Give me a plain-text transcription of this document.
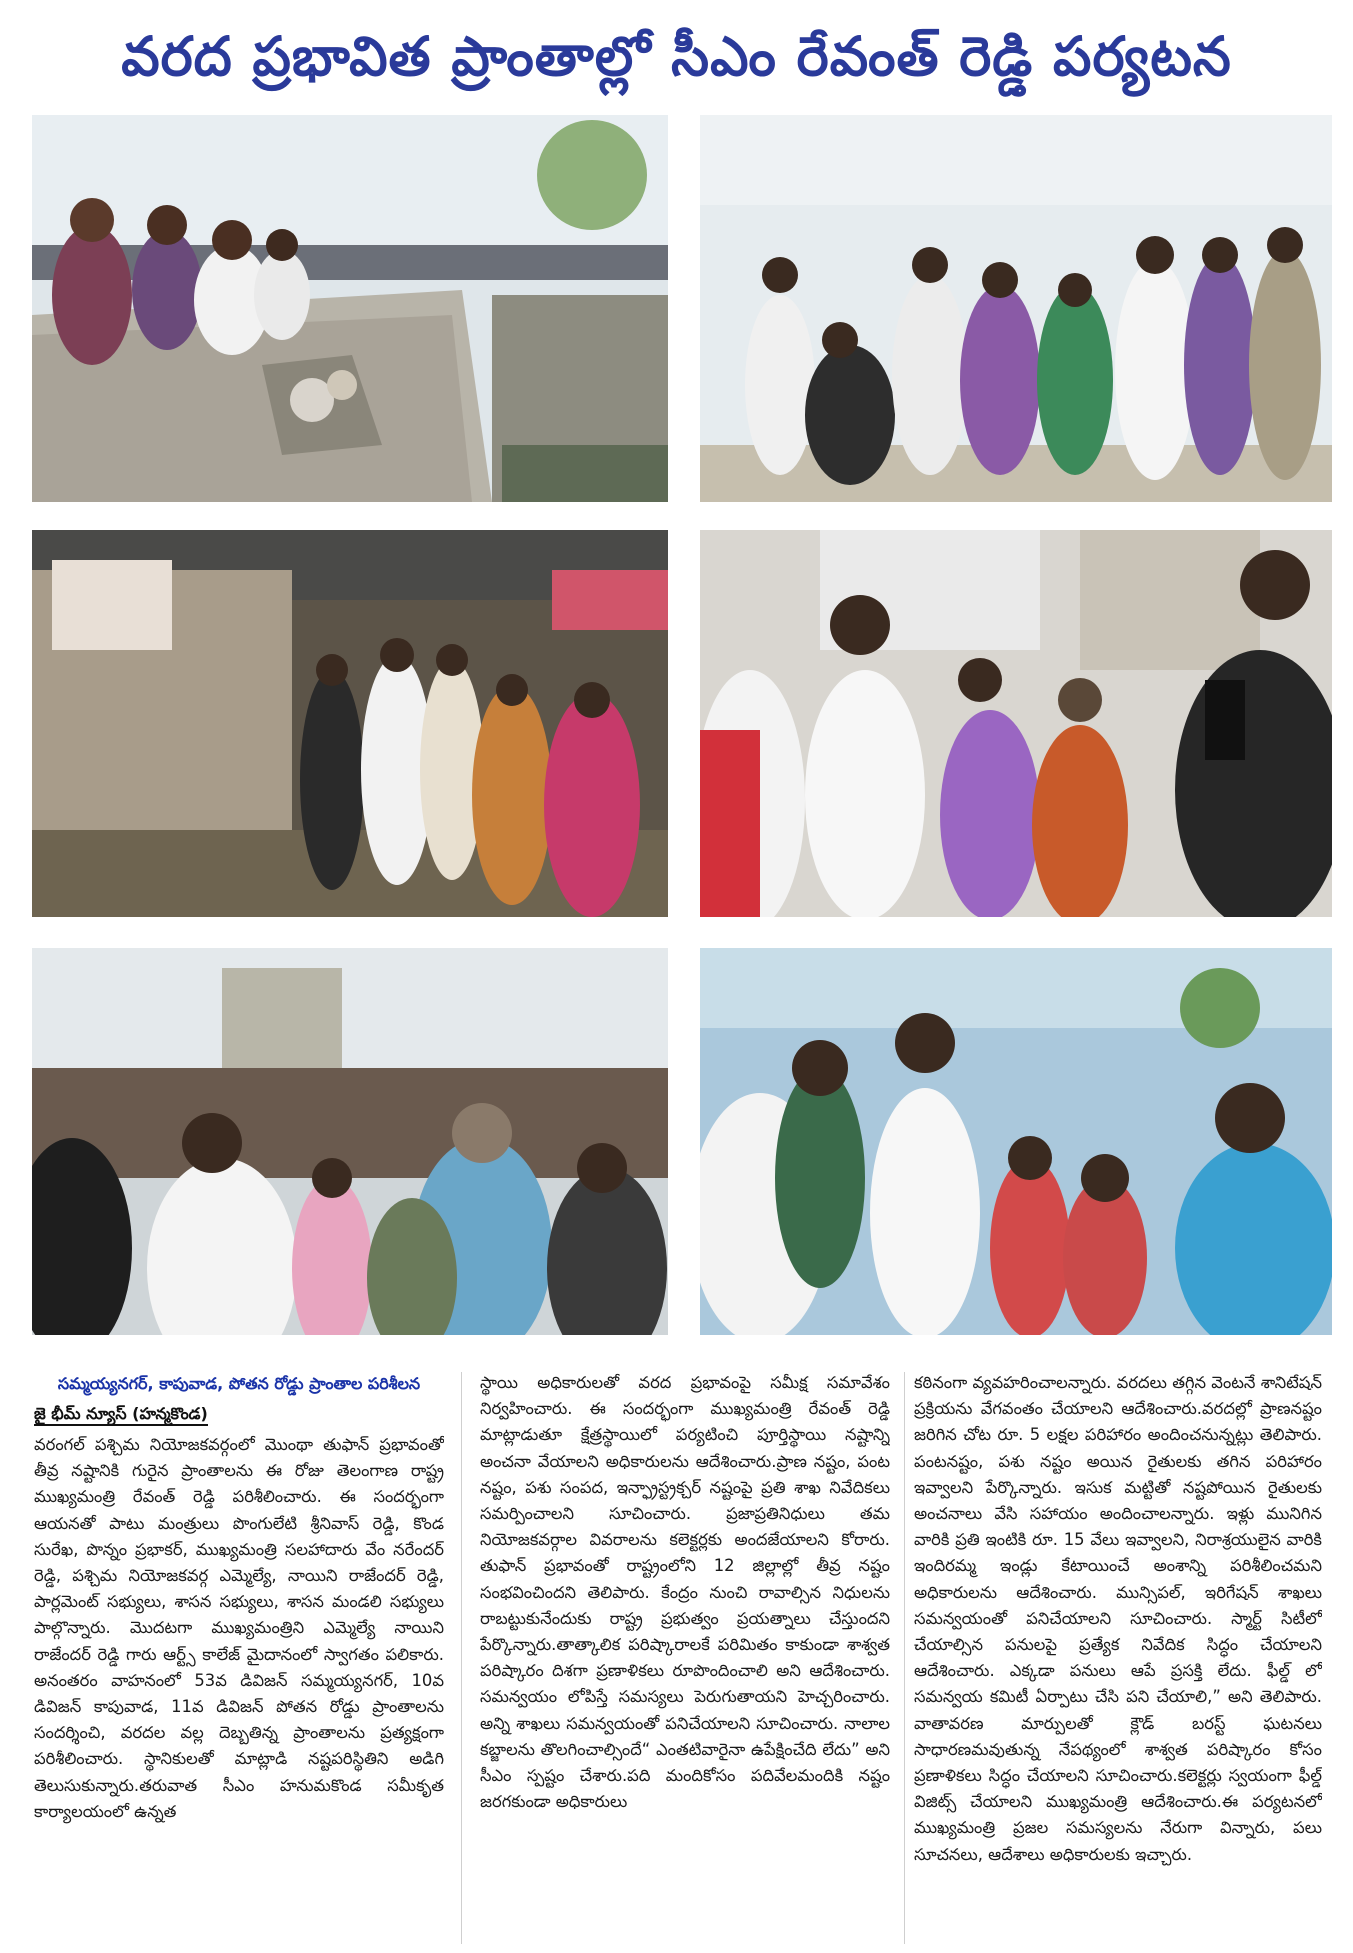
వరద ప్రభావిత ప్రాంతాల్లో సీఎం రేవంత్ రెడ్డి పర్యటన
సమ్మయ్యనగర్, కాపువాడ, పోతన రోడ్డు ప్రాంతాల పరిశీలన
జై భీమ్ న్యూస్ (హన్మకొండ)

వరంగల్ పశ్చిమ నియోజకవర్గంలో మొంథా తుఫాన్ ప్రభావంతో తీవ్ర నష్టానికి గురైన ప్రాంతాలను ఈ రోజు తెలంగాణ రాష్ట్ర ముఖ్యమంత్రి రేవంత్ రెడ్డి పరిశీలించారు. ఈ సందర్భంగా ఆయనతో పాటు మంత్రులు పొంగులేటి శ్రీనివాస్ రెడ్డి, కొండ సురేఖ, పొన్నం ప్రభాకర్, ముఖ్యమంత్రి సలహాదారు వేం నరేందర్ రెడ్డి, పశ్చిమ నియోజకవర్గ ఎమ్మెల్యే, నాయిని రాజేందర్ రెడ్డి, పార్లమెంట్ సభ్యులు, శాసన సభ్యులు, శాసన మండలి సభ్యులు పాల్గొన్నారు. మొదటగా ముఖ్యమంత్రిని ఎమ్మెల్యే నాయిని రాజేందర్ రెడ్డి గారు ఆర్ట్స్ కాలేజ్ మైదానంలో స్వాగతం పలికారు. అనంతరం వాహనంలో 53వ డివిజన్ సమ్మయ్యనగర్, 10వ డివిజన్ కాపువాడ, 11వ డివిజన్ పోతన రోడ్డు ప్రాంతాలను సందర్శించి, వరదల వల్ల దెబ్బతిన్న ప్రాంతాలను ప్రత్యక్షంగా పరిశీలించారు. స్థానికులతో మాట్లాడి నష్టపరిస్థితిని అడిగి తెలుసుకున్నారు.తరువాత సీఎం హనుమకొండ సమీకృత కార్యాలయంలో ఉన్నత

స్థాయి అధికారులతో వరద ప్రభావంపై సమీక్ష సమావేశం నిర్వహించారు. ఈ సందర్భంగా ముఖ్యమంత్రి రేవంత్ రెడ్డి మాట్లాడుతూ క్షేత్రస్థాయిలో పర్యటించి పూర్తిస్థాయి నష్టాన్ని అంచనా వేయాలని అధికారులను ఆదేశించారు.ప్రాణ నష్టం, పంట నష్టం, పశు సంపద, ఇన్ఫ్రాస్ట్రక్చర్ నష్టంపై ప్రతి శాఖ నివేదికలు సమర్పించాలని సూచించారు. ప్రజాప్రతినిధులు తమ నియోజకవర్గాల వివరాలను కలెక్టర్లకు అందజేయాలని కోరారు. తుఫాన్ ప్రభావంతో రాష్ట్రంలోని 12 జిల్లాల్లో తీవ్ర నష్టం సంభవించిందని తెలిపారు. కేంద్రం నుంచి రావాల్సిన నిధులను రాబట్టుకునేందుకు రాష్ట్ర ప్రభుత్వం ప్రయత్నాలు చేస్తుందని పేర్కొన్నారు.తాత్కాలిక పరిష్కారాలకే పరిమితం కాకుండా శాశ్వత పరిష్కారం దిశగా ప్రణాళికలు రూపొందించాలి అని ఆదేశించారు. సమన్వయం లోపిస్తే సమస్యలు పెరుగుతాయని హెచ్చరించారు. అన్ని శాఖలు సమన్వయంతో పనిచేయాలని సూచించారు. నాలాల కబ్జాలను తొలగించాల్సిందే“ ఎంతటివారైనా ఉపేక్షించేది లేదు” అని సీఎం స్పష్టం చేశారు.పది మందికోసం పదివేలమందికి నష్టం జరగకుండా అధికారులు

కఠినంగా వ్యవహరించాలన్నారు. వరదలు తగ్గిన వెంటనే శానిటేషన్ ప్రక్రియను వేగవంతం చేయాలని ఆదేశించారు.వరదల్లో ప్రాణనష్టం జరిగిన చోట రూ. 5 లక్షల పరిహారం అందించనున్నట్లు తెలిపారు. పంటనష్టం, పశు నష్టం అయిన రైతులకు తగిన పరిహారం ఇవ్వాలని పేర్కొన్నారు. ఇసుక మట్టితో నష్టపోయిన రైతులకు అంచనాలు వేసి సహాయం అందించాలన్నారు. ఇళ్లు మునిగిన వారికి ప్రతి ఇంటికి రూ. 15 వేలు ఇవ్వాలని, నిరాశ్రయులైన వారికి ఇందిరమ్మ ఇండ్లు కేటాయించే అంశాన్ని పరిశీలించమని అధికారులను ఆదేశించారు. మున్సిపల్, ఇరిగేషన్ శాఖలు సమన్వయంతో పనిచేయాలని సూచించారు. స్మార్ట్ సిటీలో చేయాల్సిన పనులపై ప్రత్యేక నివేదిక సిద్ధం చేయాలని ఆదేశించారు. ఎక్కడా పనులు ఆపే ప్రసక్తి లేదు. ఫీల్డ్ లో సమన్వయ కమిటీ ఏర్పాటు చేసి పని చేయాలి,” అని తెలిపారు. వాతావరణ మార్పులతో క్లౌడ్ బరస్ట్ ఘటనలు సాధారణమవుతున్న నేపథ్యంలో శాశ్వత పరిష్కారం కోసం ప్రణాళికలు సిద్ధం చేయాలని సూచించారు.కలెక్టర్లు స్వయంగా ఫీల్డ్ విజిట్స్ చేయాలని ముఖ్యమంత్రి ఆదేశించారు.ఈ పర్యటనలో ముఖ్యమంత్రి ప్రజల సమస్యలను నేరుగా విన్నారు, పలు సూచనలు, ఆదేశాలు అధికారులకు ఇచ్చారు.
